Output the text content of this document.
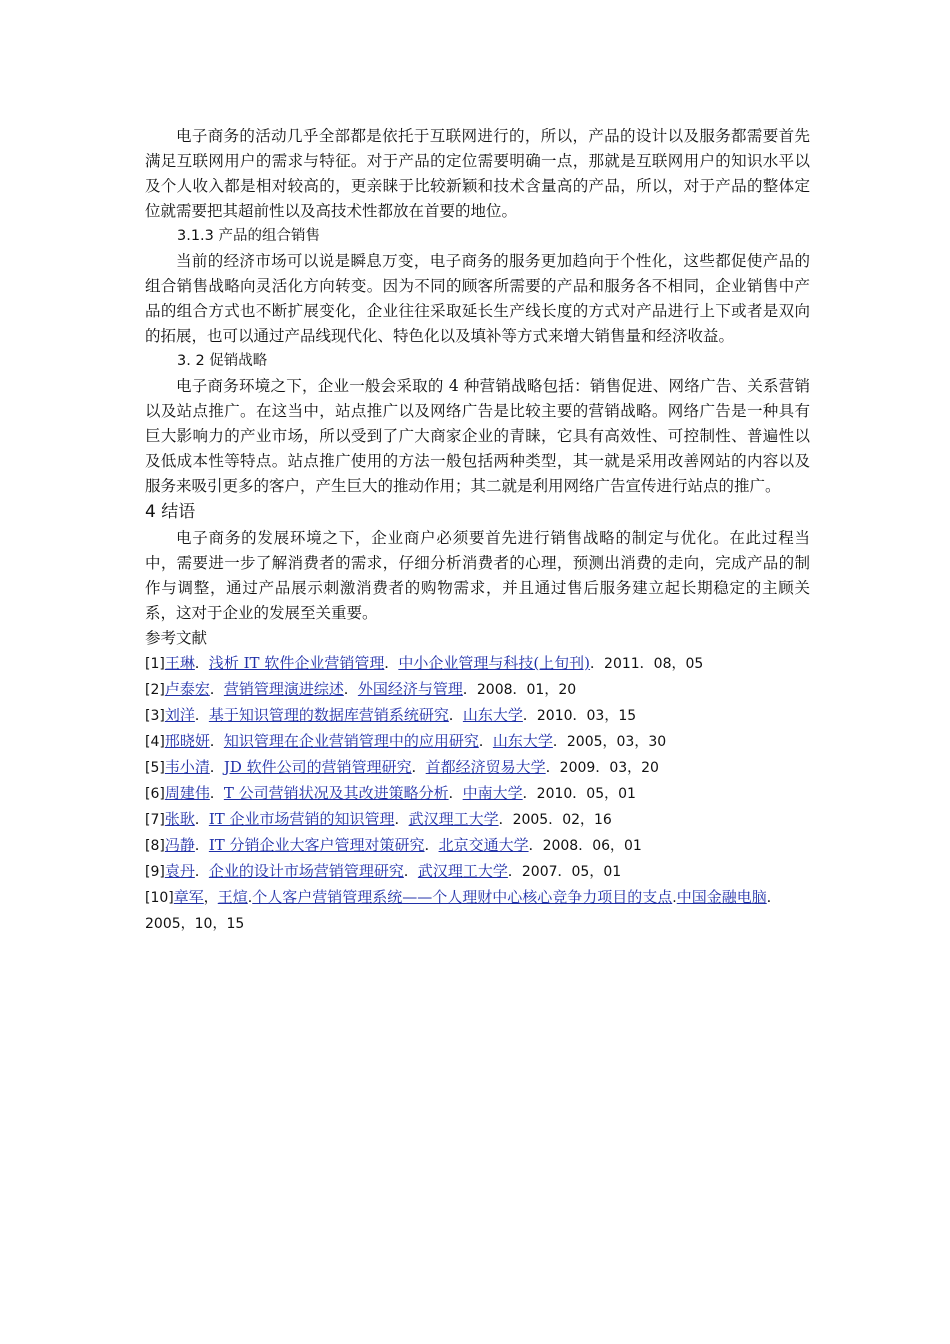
电子商务的活动几乎全部都是依托于互联网进行的，所以，产品的设计以及服务都需要首先满足互联网用户的需求与特征。对于产品的定位需要明确一点，那就是互联网用户的知识水平以及个人收入都是相对较高的，更亲睐于比较新颖和技术含量高的产品，所以，对于产品的整体定位就需要把其超前性以及高技术性都放在首要的地位。

3.1.3 产品的组合销售

当前的经济市场可以说是瞬息万变，电子商务的服务更加趋向于个性化，这些都促使产品的组合销售战略向灵活化方向转变。因为不同的顾客所需要的产品和服务各不相同，企业销售中产品的组合方式也不断扩展变化，企业往往采取延长生产线长度的方式对产品进行上下或者是双向的拓展，也可以通过产品线现代化、特色化以及填补等方式来增大销售量和经济收益。

3. 2 促销战略

电子商务环境之下，企业一般会采取的 4 种营销战略包括：销售促进、网络广告、关系营销以及站点推广。在这当中，站点推广以及网络广告是比较主要的营销战略。网络广告是一种具有巨大影响力的产业市场，所以受到了广大商家企业的青睐，它具有高效性、可控制性、普遍性以及低成本性等特点。站点推广使用的方法一般包括两种类型，其一就是采用改善网站的内容以及服务来吸引更多的客户，产生巨大的推动作用；其二就是利用网络广告宣传进行站点的推广。

4 结语

电子商务的发展环境之下，企业商户必须要首先进行销售战略的制定与优化。在此过程当中，需要进一步了解消费者的需求，仔细分析消费者的心理，预测出消费的走向，完成产品的制作与调整，通过产品展示刺激消费者的购物需求，并且通过售后服务建立起长期稳定的主顾关系，这对于企业的发展至关重要。

参考文献

[1]王琳．浅析 IT 软件企业营销管理．中小企业管理与科技(上旬刊)．2011．08，05

[2]卢泰宏．营销管理演进综述．外国经济与管理．2008．01，20

[3]刘洋．基于知识管理的数据库营销系统研究．山东大学．2010．03，15

[4]邢晓妍．知识管理在企业营销管理中的应用研究．山东大学．2005，03，30

[5]韦小清．JD 软件公司的营销管理研究．首都经济贸易大学．2009．03，20

[6]周建伟．T 公司营销状况及其改进策略分析．中南大学．2010．05，01

[7]张耿．IT 企业市场营销的知识管理．武汉理工大学．2005．02，16

[8]冯静．IT 分销企业大客户管理对策研究．北京交通大学．2008．06，01

[9]袁丹．企业的设计市场营销管理研究．武汉理工大学．2007．05，01

[10]章军，王煊.个人客户营销管理系统——个人理财中心核心竞争力项目的支点.中国金融电脑．2005，10，15
